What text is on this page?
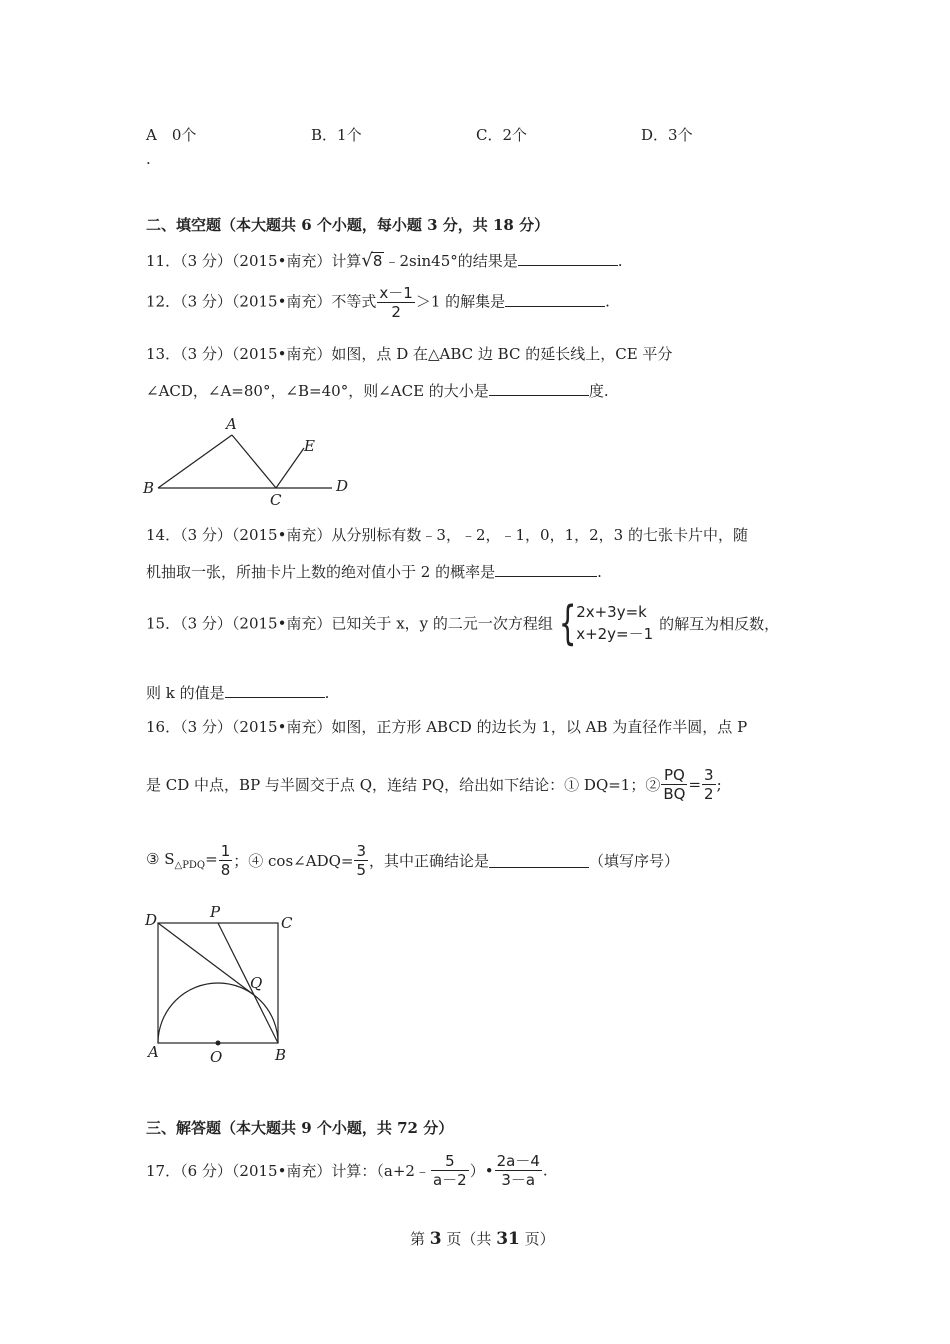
A　0个	B．1个	C．2个	D．3个
.
二、填空题（本大题共 6 个小题，每小题 3 分，共 18 分）
11．（3 分）（2015•南充）计算√8 ﹣2sin45°的结果是	.
12．（3 分）（2015•南充）不等式 $\frac{x-1}{2} >1$ 的解集是	.
13．（3 分）（2015•南充）如图，点 D 在△ABC 边 BC 的延长线上，CE 平分
∠ACD，∠A=80°，∠B=40°，则∠ACE 的大小是	度.
A
B
C
D
E
14．（3 分）（2015•南充）从分别标有数﹣3，﹣2，﹣1，0，1，2，3 的七张卡片中，随
机抽取一张，所抽卡片上数的绝对值小于 2 的概率是	.
15．（3 分）（2015•南充）已知关于 x，y 的二元一次方程组 { 2x+3y=k
x+2y=－1
的解互为相反数，
则 k 的值是	.
16．（3 分）（2015•南充）如图，正方形 ABCD 的边长为 1，以 AB 为直径作半圆，点 P
是 CD 中点，BP 与半圆交于点 Q，连结 PQ，给出如下结论：① DQ=1；② $\frac{PQ}{BQ} = \frac{3}{2}$ ;
③ $S_{\triangle PDQ}= \frac{1}{8}$ ；④ cos∠ADQ= $\frac{3}{5}$ ，其中正确结论是	（填写序号）
D	P
C
Q
A	O	B
三、解答题（本大题共 9 个小题，共 72 分）
17．（6 分）（2015•南充）计算：（a+2﹣ $\frac{5}{a-2}$ ）• $\frac{2a-4}{3-a}$ .
第 3 页（共 31 页）
